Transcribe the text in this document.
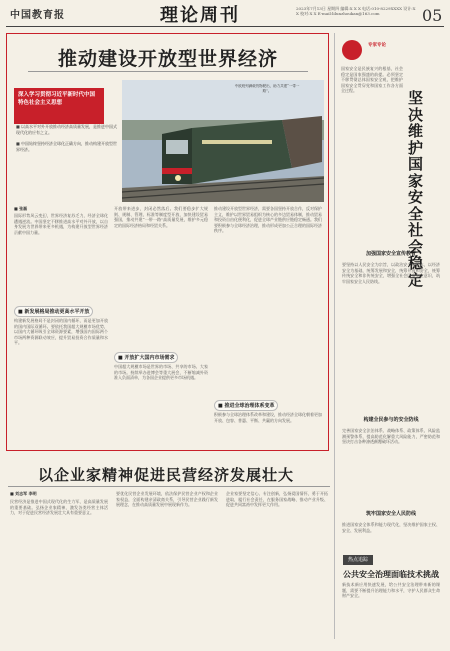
中国教育报	理论周刊	2023年7月13日 星期四 编辑:X X X 电话:010-8229XXXX 设计:X X 校对:X X E-mail:lilunzhoukan@163.com	05
推动建设开放型世界经济
深入学习贯彻习近平新时代中国特色社会主义思想

■ 以高水平对外开放推动经济高质量发展，是推进中国式现代化的应有之义。

■ 中国始终坚持经济全球化正确方向，推动构建开放型世界经济。

中欧班列满载货物驶出，助力共建“一带一路”。
■ 张磊
国际形势风云变幻，世界经济复苏乏力，经济全球化遭遇逆流。中国坚定不移推进高水平对外开放，以自身发展为世界带来更多机遇，为构建开放型世界经济贡献中国力量。
■ 新发展格局推动更高水平开放
构建新发展格局不是封闭的国内循环，而是更加开放的国内国际双循环。要依托我国超大规模市场优势，以国内大循环吸引全球资源要素，增强国内国际两个市场两种资源联动效应，提升贸易投资合作质量和水平。
开放带来进步，封闭必然落后。我们要稳步扩大规则、规制、管理、标准等制度型开放，加快建设贸易强国，推动共建“一带一路”高质量发展，维护多元稳定的国际经济格局和经贸关系。
■ 开放扩大国内市场需求
中国超大规模市场是世界的市场、共享的市场、大家的市场。持续举办进博会等重大展会，不断缩减外资准入负面清单，为各国企业提供更多市场机遇。
推动建设开放型世界经济，需要各国坚持开放合作，反对保护主义，维护以世界贸易组织为核心的多边贸易体制，推动贸易和投资自由化便利化，促进全球产业链供应链稳定畅通。我们要积极参与全球经济治理，推动形成更加公正合理的国际经济秩序。
■ 推进全球治理体系变革
积极参与全球治理体系改革和建设，推动经济全球化朝着更加开放、包容、普惠、平衡、共赢的方向发展。
专家专论
国家安全是民族复兴的根基，社会稳定是国家强盛的前提。必须坚定不移贯彻总体国家安全观，把维护国家安全贯穿党和国家工作各方面全过程。	坚决维护国家安全社会稳定
加强国家安全宣传教育
要坚持以人民安全为宗旨，以政治安全为根本，以经济安全为基础，统筹发展和安全，统筹开放和安全，统筹传统安全和非传统安全，增强全社会国家安全意识，筑牢国家安全人民防线。
构建全民参与的安全防线
完善国家安全法治体系、战略体系、政策体系、风险监测预警体系，提高防范化解重大风险能力，严密防范和坚决打击各种渗透颠覆破坏活动。
筑牢国家安全人民防线
推进国家安全体系和能力现代化，坚决维护国家主权、安全、发展利益。
热点追踪
公共安全治理面临技术挑战
新技术新应用快速发展，给公共安全治理带来新的课题，需要不断提升治理能力和水平，守护人民群众生命财产安全。
以企业家精神促进民营经济发展壮大
■ 刘志军 李明
民营经济是推进中国式现代化的生力军，是高质量发展的重要基础。弘扬企业家精神，激发各类经营主体活力，对于促进民营经济发展壮大具有重要意义。
要优化民营企业发展环境，依法保护民营企业产权和企业家权益，全面构建亲清政商关系，引导民营企业践行新发展理念，在推动高质量发展中展现新作为。
企业家要坚定信心、专注创新，弘扬爱国情怀，勇于开拓进取，履行社会责任，在服务国家战略、推动产业升级、促进共同富裕中发挥更大作用。
